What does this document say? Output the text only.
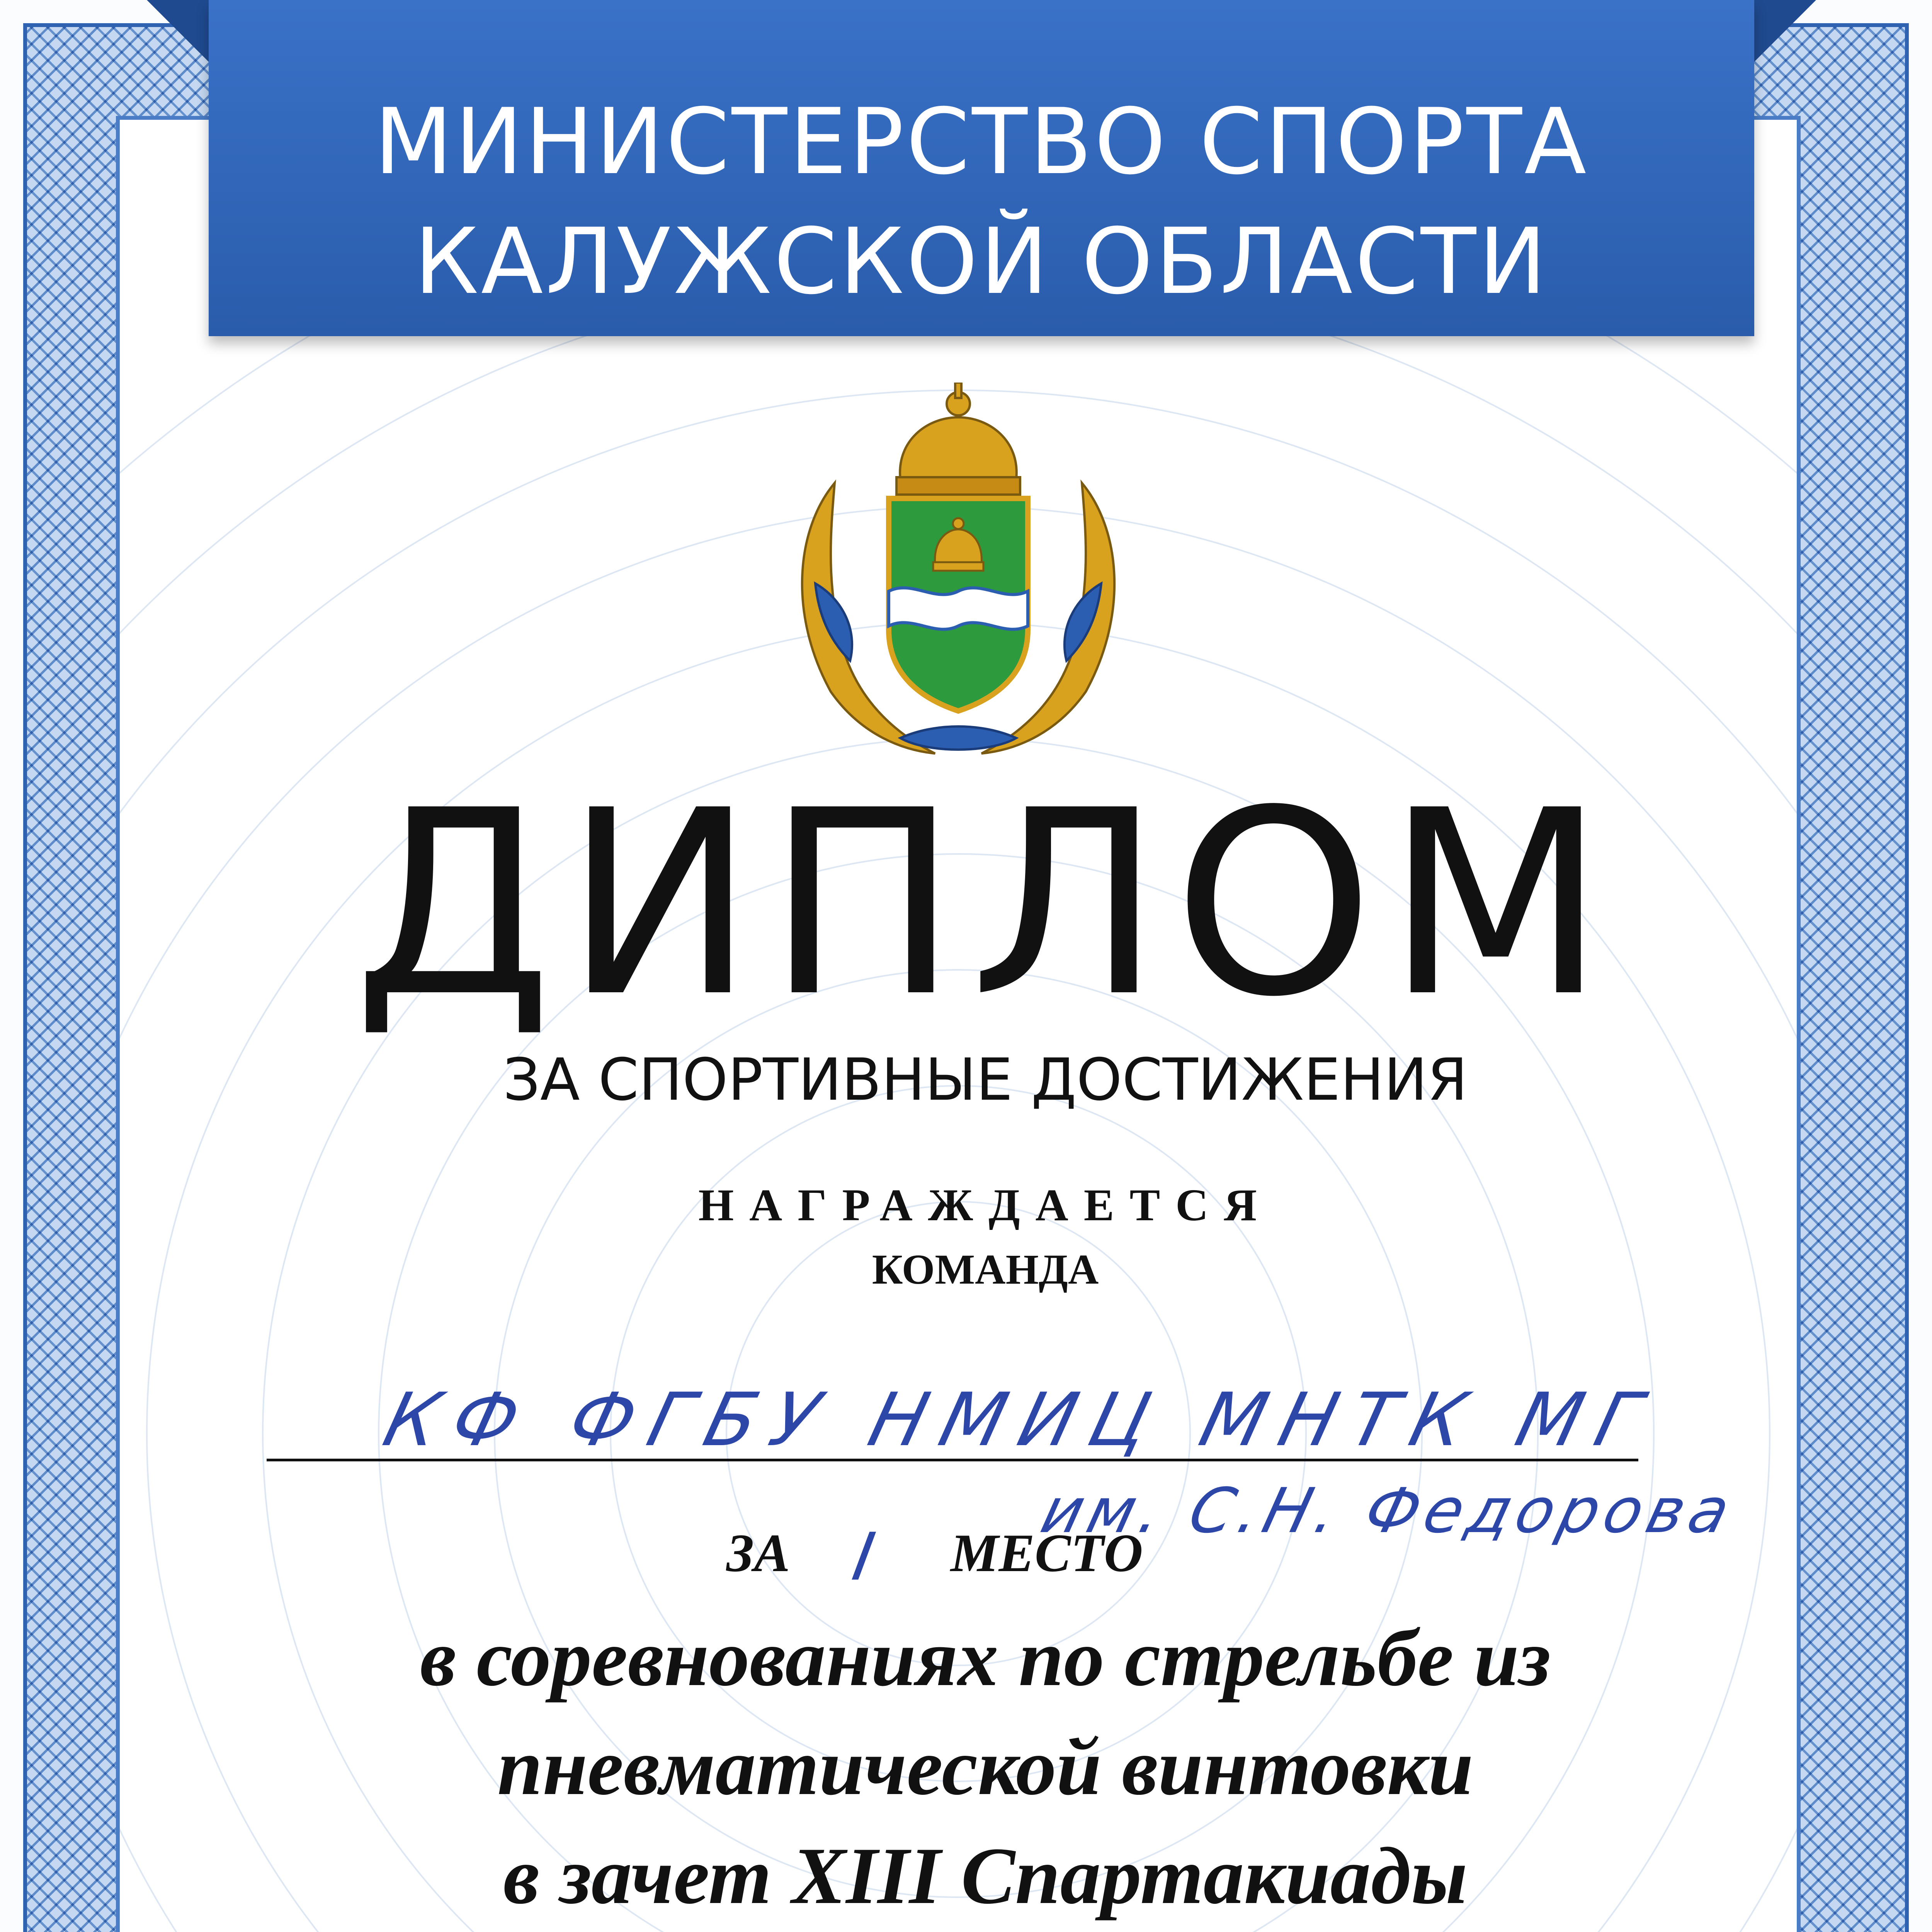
МИНИСТЕРСТВО СПОРТА
КАЛУЖСКОЙ ОБЛАСТИ
ДИПЛОМ
ЗА СПОРТИВНЫЕ ДОСТИЖЕНИЯ
НАГРАЖДАЕТСЯ
КОМАНДА
КФ ФГБУ НМИЦ МНТК МГ
им. С.Н. Федорова
ЗА I МЕСТО
в соревнованиях по стрельбе из
пневматической винтовки
в зачет XIII Спартакиады
